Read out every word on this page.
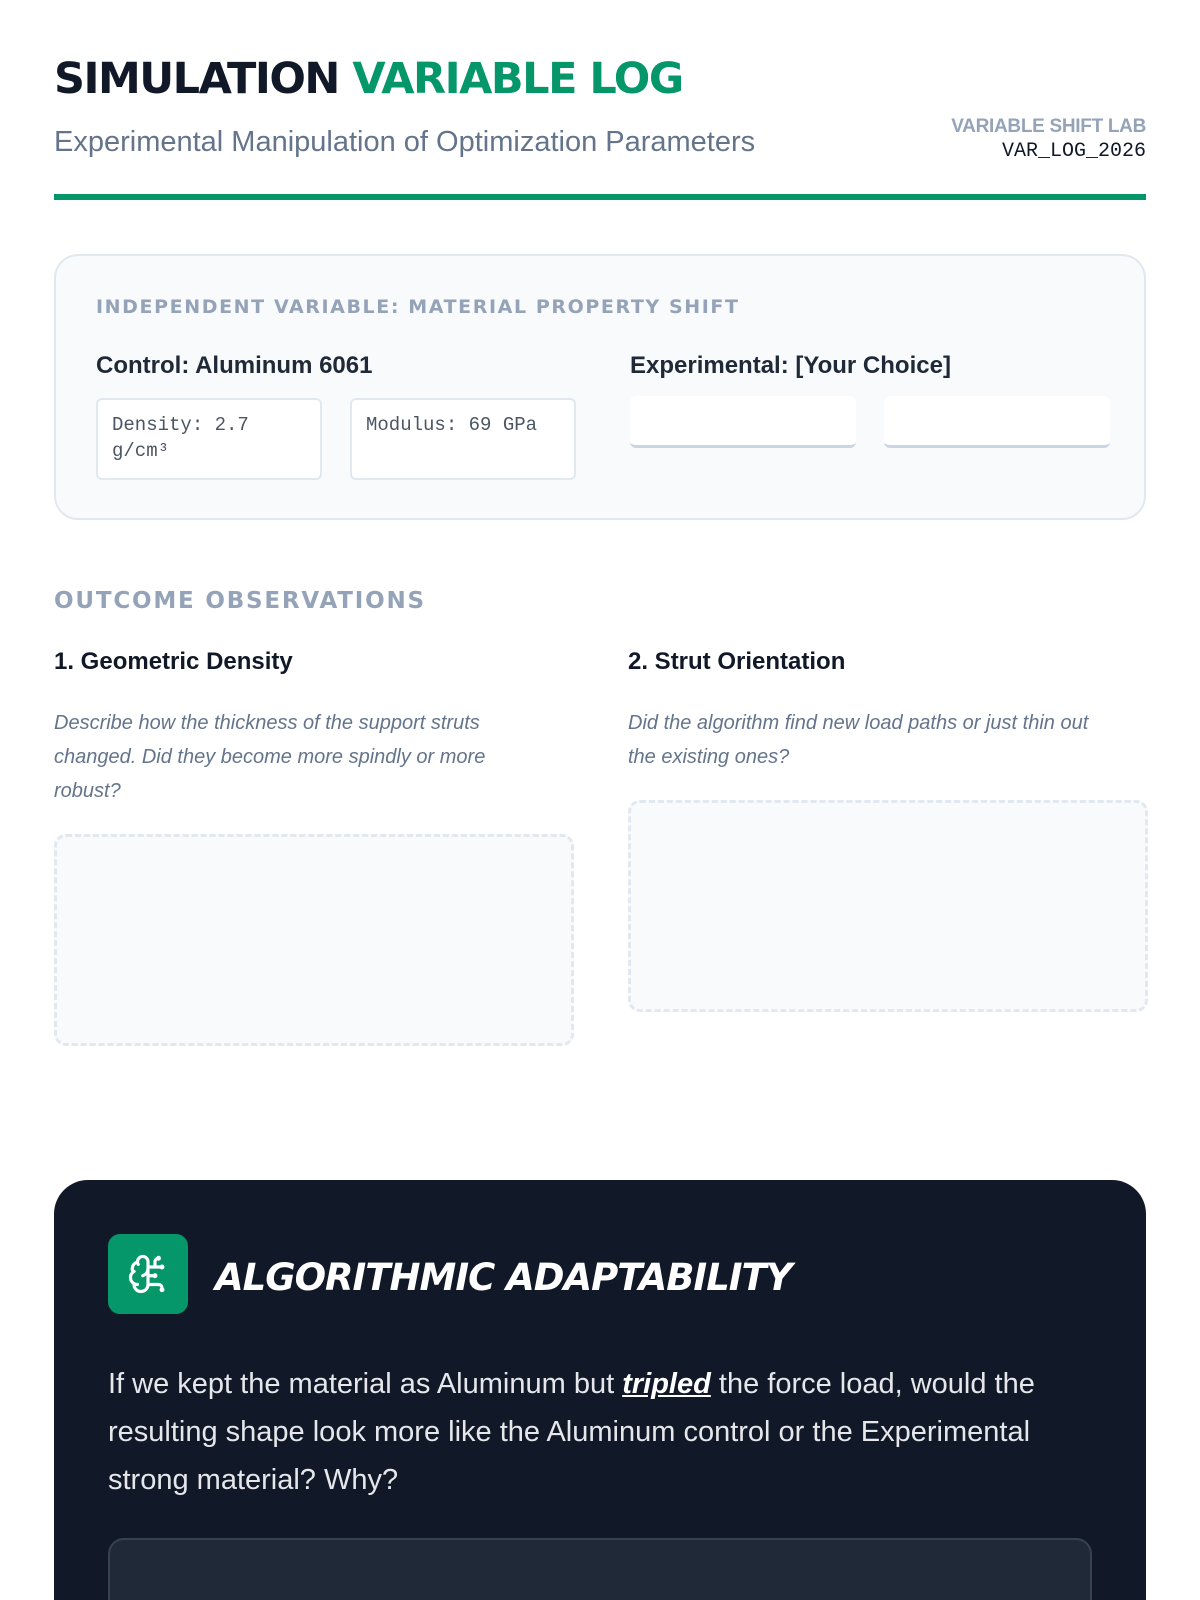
SIMULATION VARIABLE LOG
Experimental Manipulation of Optimization Parameters	VARIABLE SHIFT LAB
VAR_LOG_2026
INDEPENDENT VARIABLE: MATERIAL PROPERTY SHIFT
Control: Aluminum 6061
Density: 2.7 g/cm³
Modulus: 69 GPa
Experimental: [Your Choice]
OUTCOME OBSERVATIONS
1. Geometric Density

Describe how the thickness of the support struts changed. Did they become more spindly or more robust?

2. Strut Orientation

Did the algorithm find new load paths or just thin out the existing ones?

ALGORITHMIC ADAPTABILITY

If we kept the material as Aluminum but tripled the force load, would the resulting shape look more like the Aluminum control or the Experimental strong material? Why?
